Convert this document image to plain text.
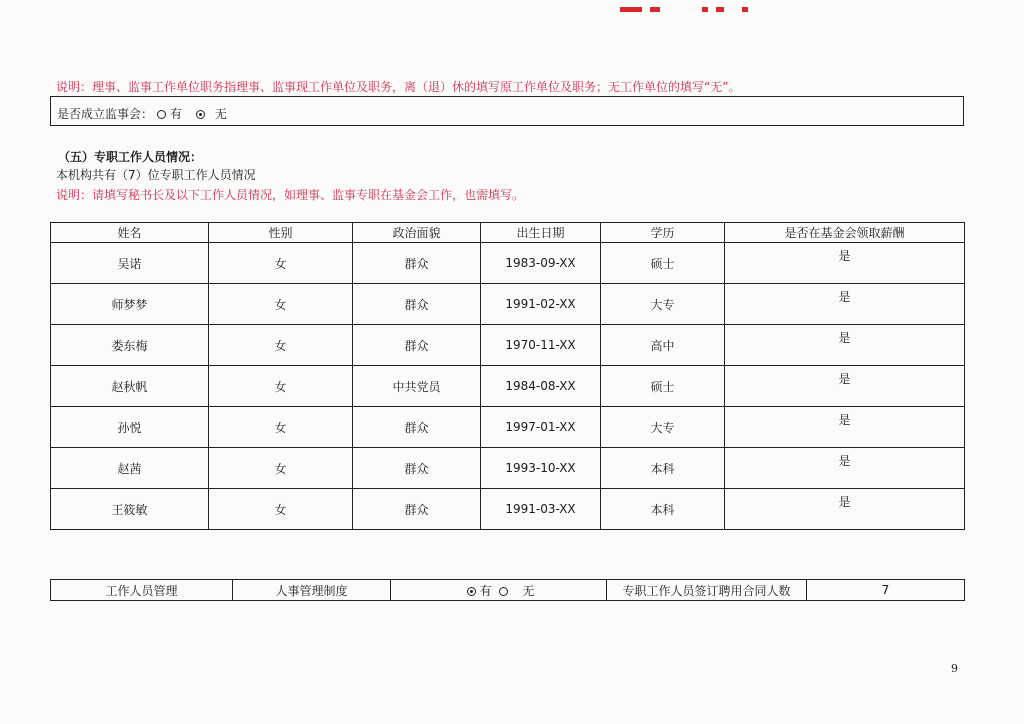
说明：理事、监事工作单位职务指理事、监事现工作单位及职务，离（退）休的填写原工作单位及职务；无工作单位的填写“无”。
是否成立监事会： 有	无
（五）专职工作人员情况：
本机构共有（7）位专职工作人员情况
说明：请填写秘书长及以下工作人员情况，如理事、监事专职在基金会工作，也需填写。
姓名	性别	政治面貌	出生日期	学历	是否在基金会领取薪酬
吴诺	女	群众	1983-09-XX	硕士	是
师梦梦	女	群众	1991-02-XX	大专	是
娄东梅	女	群众	1970-11-XX	高中	是
赵秋帆	女	中共党员	1984-08-XX	硕士	是
孙悦	女	群众	1997-01-XX	大专	是
赵茜	女	群众	1993-10-XX	本科	是
王筱敏	女	群众	1991-03-XX	本科	是
工作人员管理	人事管理制度	有	无	专职工作人员签订聘用合同人数	7
9
